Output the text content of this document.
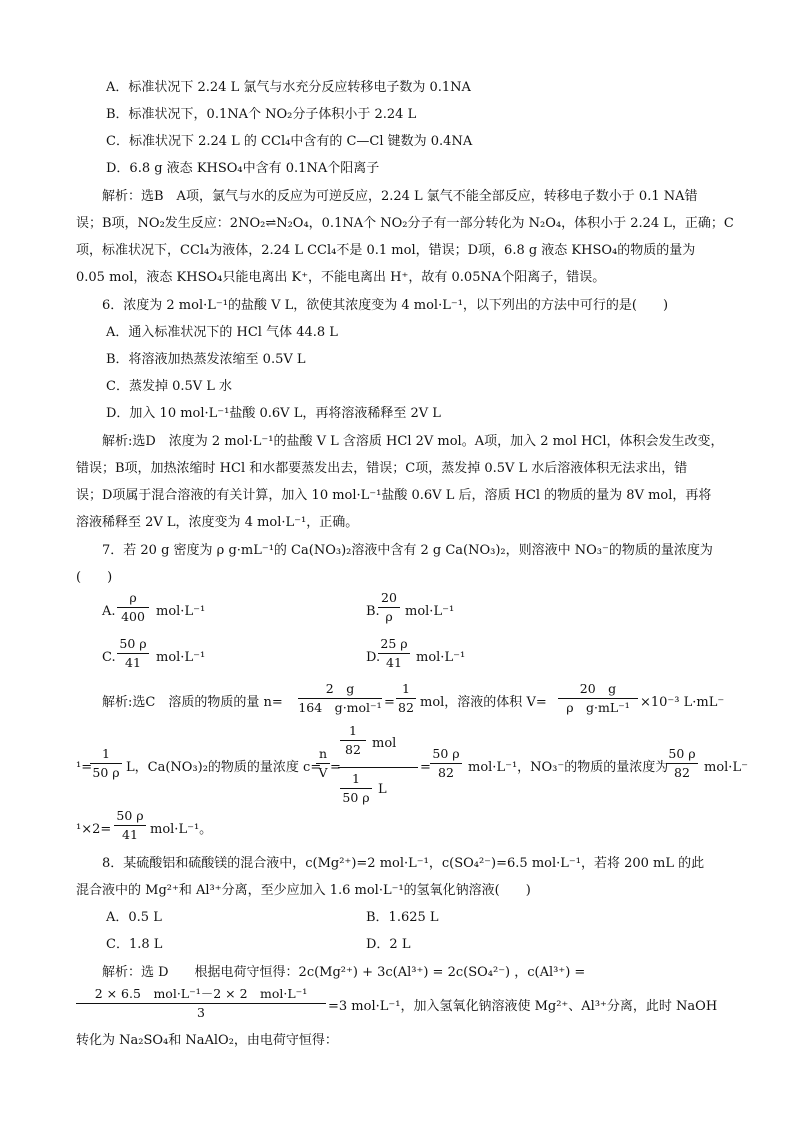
A．标准状况下 2.24 L 氯气与水充分反应转移电子数为 0.1NA
B．标准状况下，0.1NA个 NO₂分子体积小于 2.24 L
C．标准状况下 2.24 L 的 CCl₄中含有的 C—Cl 键数为 0.4NA
D．6.8 g 液态 KHSO₄中含有 0.1NA个阳离子
解析：选B　A项，氯气与水的反应为可逆反应，2.24 L 氯气不能全部反应，转移电子数小于 0.1 NA错
误；B项，NO₂发生反应：2NO₂⇌N₂O₄，0.1NA个 NO₂分子有一部分转化为 N₂O₄，体积小于 2.24 L，正确；C
项，标准状况下，CCl₄为液体，2.24 L CCl₄不是 0.1 mol，错误；D项，6.8 g 液态 KHSO₄的物质的量为
0.05 mol，液态 KHSO₄只能电离出 K⁺，不能电离出 H⁺，故有 0.05NA个阳离子，错误。
6．浓度为 2 mol·L⁻¹的盐酸 V L，欲使其浓度变为 4 mol·L⁻¹，以下列出的方法中可行的是(　　)
A．通入标准状况下的 HCl 气体 44.8 L
B．将溶液加热蒸发浓缩至 0.5V L
C．蒸发掉 0.5V L 水
D．加入 10 mol·L⁻¹盐酸 0.6V L，再将溶液稀释至 2V L
解析:选D　浓度为 2 mol·L⁻¹的盐酸 V L 含溶质 HCl 2V mol。A项，加入 2 mol HCl，体积会发生改变，
错误；B项，加热浓缩时 HCl 和水都要蒸发出去，错误；C项，蒸发掉 0.5V L 水后溶液体积无法求出，错
误；D项属于混合溶液的有关计算，加入 10 mol·L⁻¹盐酸 0.6V L 后，溶质 HCl 的物质的量为 8V mol，再将
溶液稀释至 2V L，浓度变为 4 mol·L⁻¹，正确。
7．若 20 g 密度为 ρ g·mL⁻¹的 Ca(NO₃)₂溶液中含有 2 g Ca(NO₃)₂，则溶液中 NO₃⁻的物质的量浓度为
(　　)
A.
ρ
400 mol·L⁻¹	B.
20
ρ mol·L⁻¹
C.
50 ρ
41	mol·L⁻¹	D.
25 ρ
41	mol·L⁻¹
解析:选C　溶质的物质的量 n=
2　g
164　g·mol⁻¹ =
1
82 mol，溶液的体积 V=
20　g
ρ　g·mL⁻¹ ×10⁻³ L·mL⁻
¹=
1
50 ρ L，Ca(NO₃)₂的物质的量浓度 c=
n
V =
1
82 mol
1
50 ρ
L
=
50 ρ
82	mol·L⁻¹，NO₃⁻的物质的量浓度为
50 ρ
82	mol·L⁻
¹×2=
50 ρ
41 mol·L⁻¹。
8．某硫酸铝和硫酸镁的混合液中，c(Mg²⁺)=2 mol·L⁻¹，c(SO₄²⁻)=6.5 mol·L⁻¹，若将 200 mL 的此
混合液中的 Mg²⁺和 Al³⁺分离，至少应加入 1.6 mol·L⁻¹的氢氧化钠溶液(　　)
A．0.5 L	B．1.625 L
C．1.8 L	D．2 L
解析：选 D　　根据电荷守恒得：2c(Mg²⁺) + 3c(Al³⁺) = 2c(SO₄²⁻) ，c(Al³⁺) =
2 × 6.5　mol·L⁻¹－2 × 2　mol·L⁻¹
3	=3 mol·L⁻¹，加入氢氧化钠溶液使 Mg²⁺、Al³⁺分离，此时 NaOH
转化为 Na₂SO₄和 NaAlO₂，由电荷守恒得：
